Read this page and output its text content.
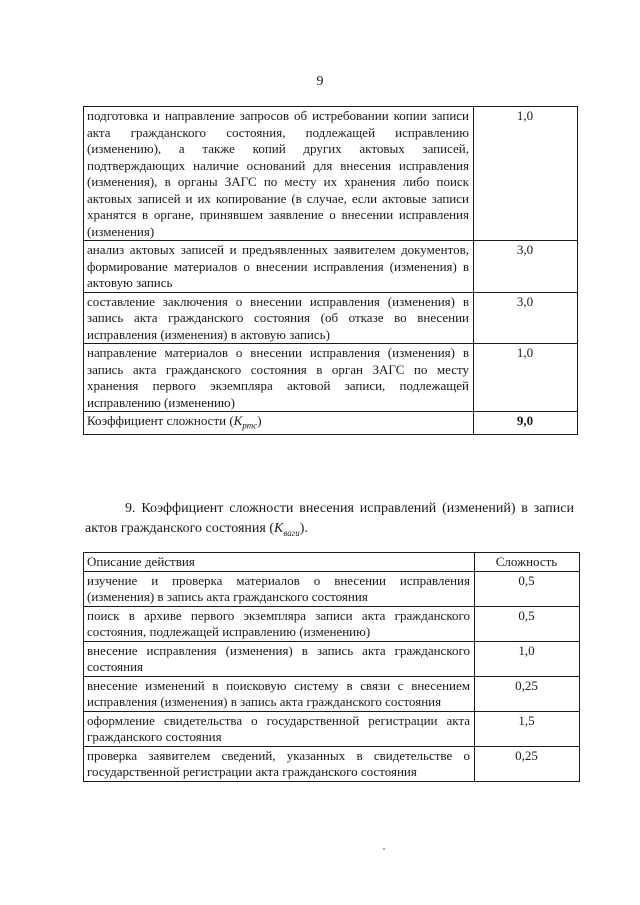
9
подготовка и направление запросов об истребовании копии записи акта гражданского состояния, подлежащей исправлению (изменению), а также копий других актовых записей, подтверждающих наличие оснований для внесения исправления (изменения), в органы ЗАГС по месту их хранения либо поиск актовых записей и их копирование (в случае, если актовые записи хранятся в органе, принявшем заявление о внесении исправления (изменения)	1,0
анализ актовых записей и предъявленных заявителем документов, формирование материалов о внесении исправления (изменения) в актовую запись	3,0
составление заключения о внесении исправления (изменения) в запись акта гражданского состояния (об отказе во внесении исправления (изменения) в актовую запись)	3,0
направление материалов о внесении исправления (изменения) в запись акта гражданского состояния в орган ЗАГС по месту хранения первого экземпляра актовой записи, подлежащей исправлению (изменению)	1,0
Коэффициент сложности $(K_{ртс})$	9,0
9. Коэффициент сложности внесения исправлений (изменений) в записи актов гражданского состояния $(K_{ваги})$.
Описание действия	Сложность
изучение и проверка материалов о внесении исправления (изменения) в запись акта гражданского состояния	0,5
поиск в архиве первого экземпляра записи акта гражданского состояния, подлежащей исправлению (изменению)	0,5
внесение исправления (изменения) в запись акта гражданского состояния	1,0
внесение изменений в поисковую систему в связи с внесением исправления (изменения) в запись акта гражданского состояния	0,25
оформление свидетельства о государственной регистрации акта гражданского состояния	1,5
проверка заявителем сведений, указанных в свидетельстве о государственной регистрации акта гражданского состояния	0,25
